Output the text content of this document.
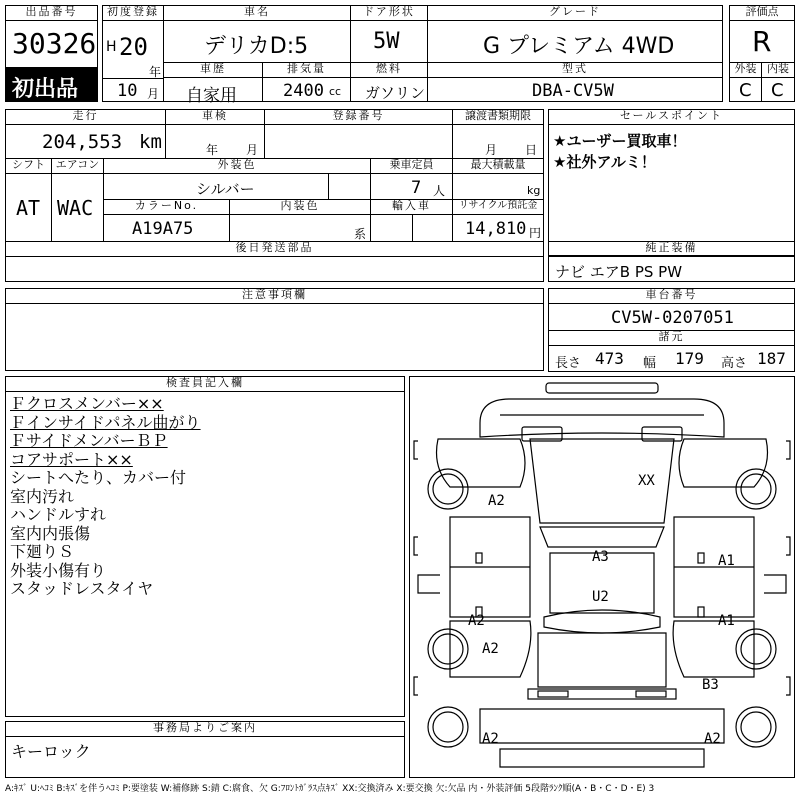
出品番号
30326
初出品
初度登録
H 20
年
10 月
車名
デリカD:5
ドア形状
5W
グレード
G プレミアム 4WD
評価点
R
車歴
自家用
排気量
2400 cc
燃料
ガソリン
型式
DBA-CV5W
外装 内装
C C
走行
204,553 km
車検
年 月
登録番号	譲渡書類期限
月 日
セールスポイント
★ユーザー買取車！
★社外アルミ！
シフト エアコン
AT WAC
外装色
シルバー
乗車定員
7 人
最大積載量
kg
カラーNo.
A19A75
内装色
系
輸入車	リサイクル預託金
14,810 円
後日発送部品	純正装備
ナビ エアB PS PW
注意事項欄	車台番号
CV5W-0207051
諸元
長さ 473 幅 179 高さ 187
検査員記入欄
Ｆクロスメンバー××
Ｆインサイドパネル曲がり
ＦサイドメンバーＢＰ
コアサポート××
シートへたり、カバー付
室内汚れ
ハンドルすれ
室内内張傷
下廻りＳ
外装小傷有り
スタッドレスタイヤ
事務局よりご案内
キーロック
XX
A2
A3	A1
U2
A2	A1
A2
B3
A2	A2
A:ｷｽﾞ U:ﾍｺﾐ B:ｷｽﾞを伴うﾍｺﾐ P:要塗装 W:補修跡 S:錆 C:腐食、欠 G:ﾌﾛﾝﾄｶﾞﾗｽ点ｷｽﾞ XX:交換済み X:要交換 欠:欠品 内・外装評価 5段階ﾗﾝｸ順(A・B・C・D・E) 3
